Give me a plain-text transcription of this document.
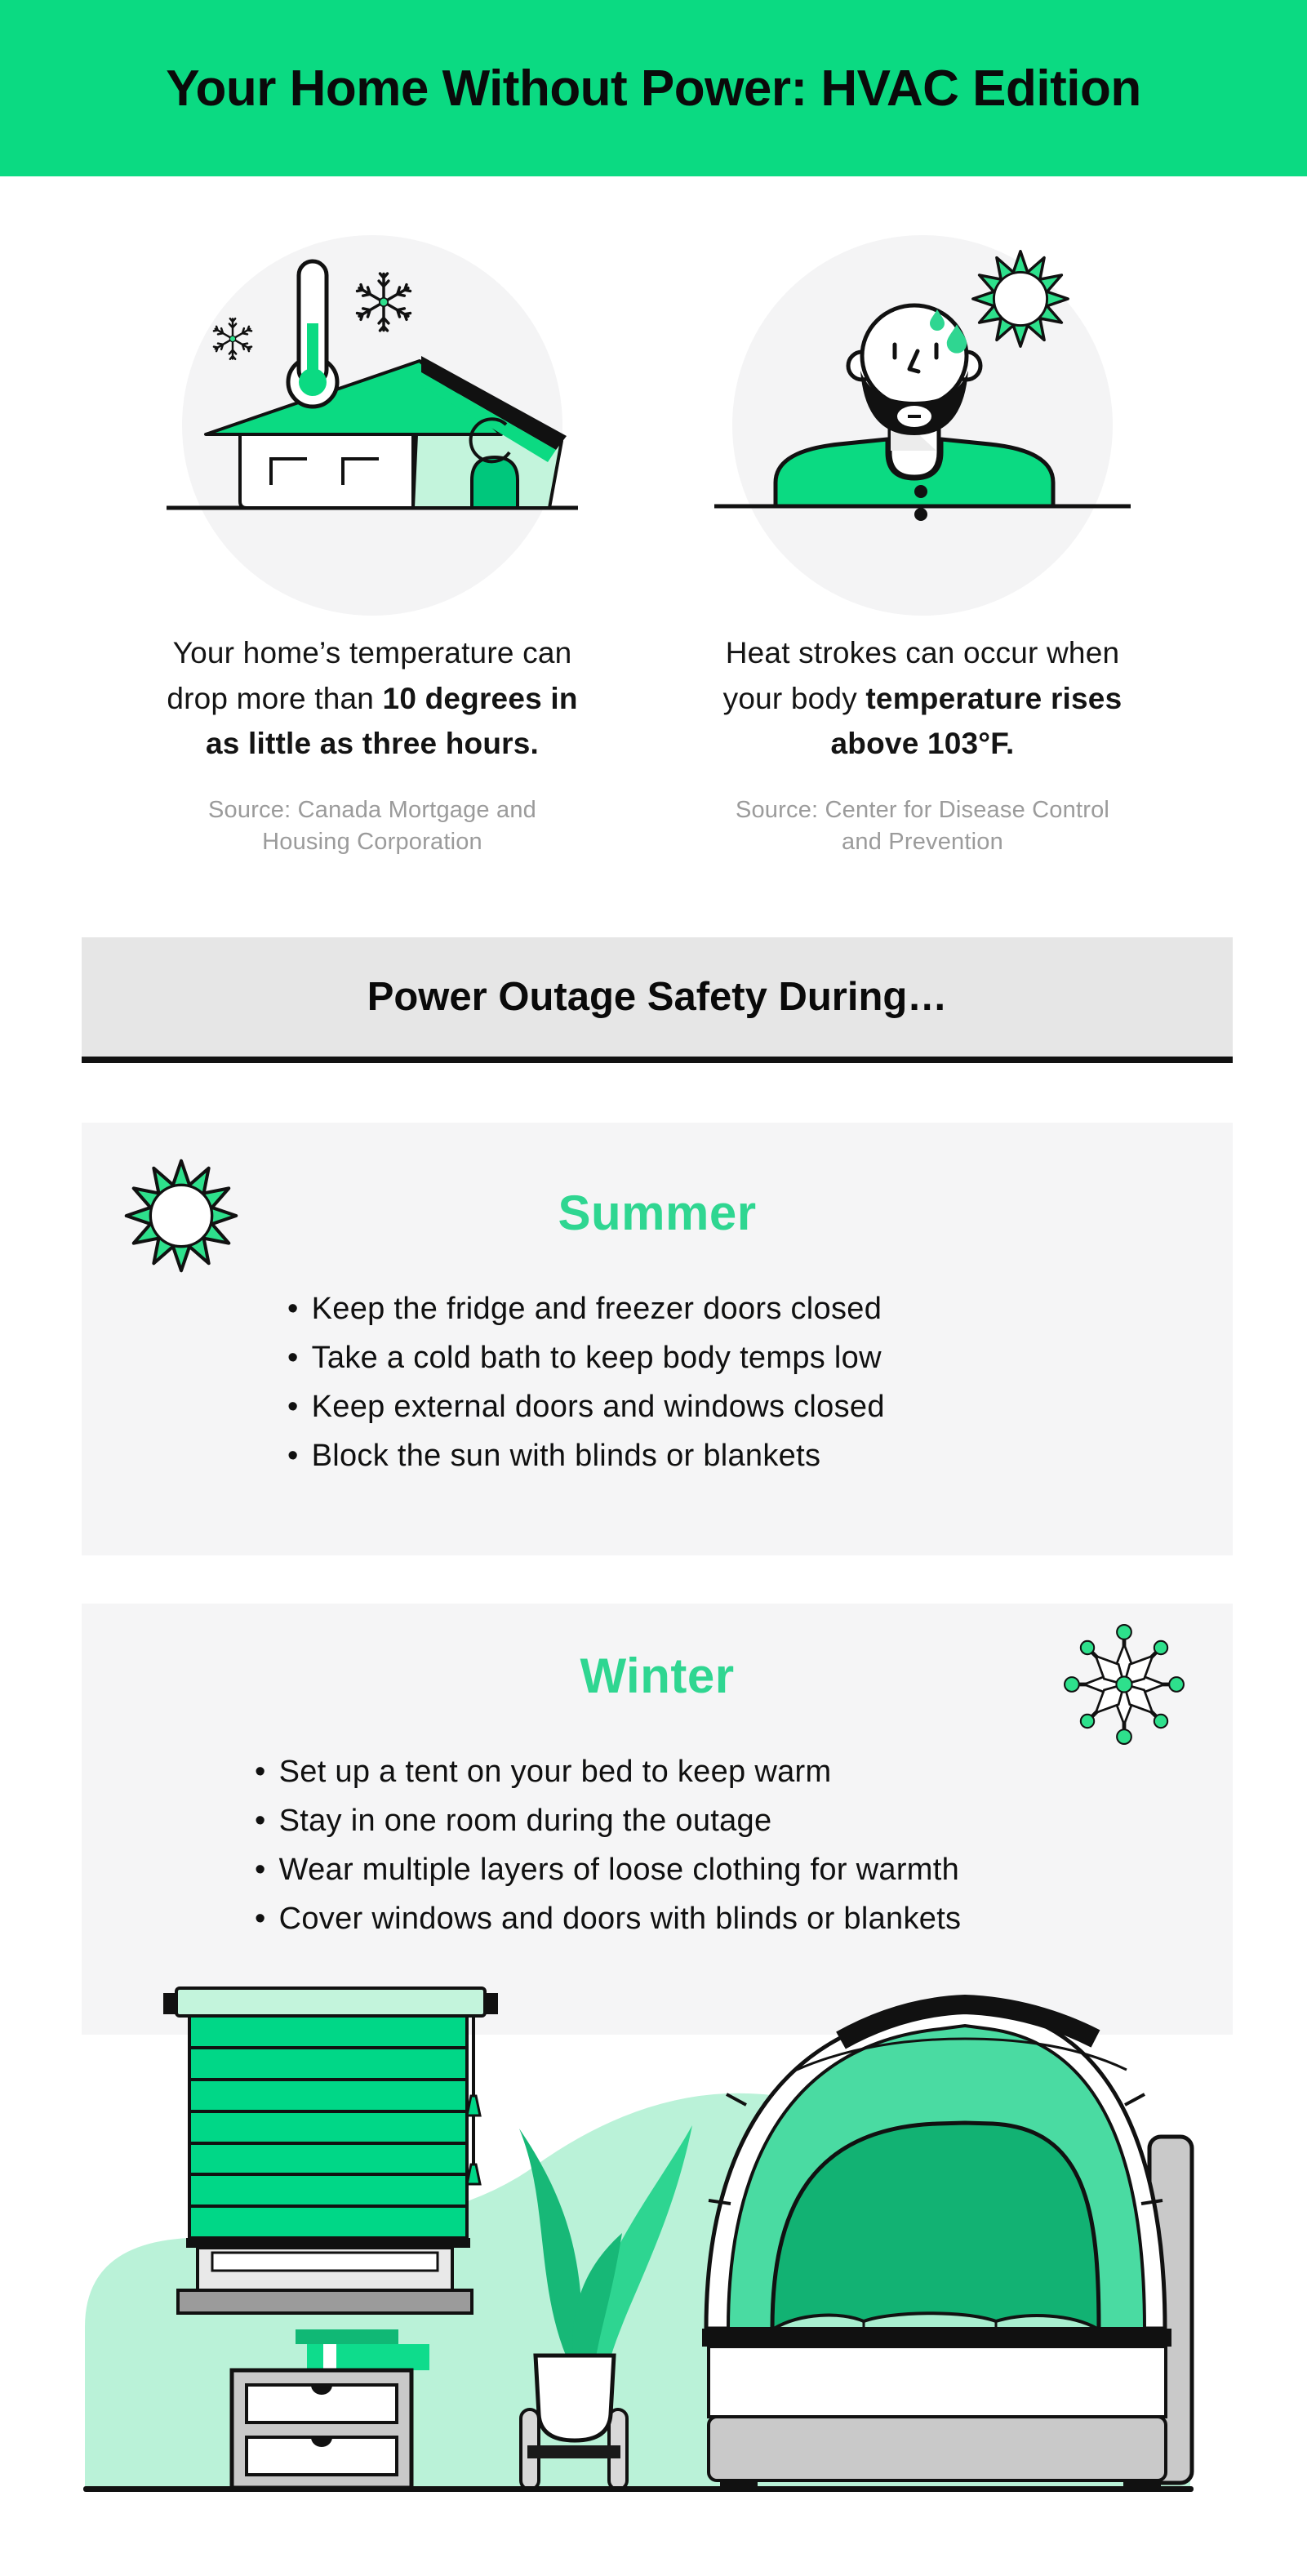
Your Home Without Power: HVAC Edition

Your home’s temperature can drop more than 10 degrees in as little as three hours.

Source: Canada Mortgage and Housing Corporation

Heat strokes can occur when your body temperature rises above 103°F.

Source: Center for Disease Control and Prevention

Power Outage Safety During…
Summer
• Keep the fridge and freezer doors closed
• Take a cold bath to keep body temps low
• Keep external doors and windows closed
• Block the sun with blinds or blankets
Winter
• Set up a tent on your bed to keep warm
• Stay in one room during the outage
• Wear multiple layers of loose clothing for warmth
• Cover windows and doors with blinds or blankets
